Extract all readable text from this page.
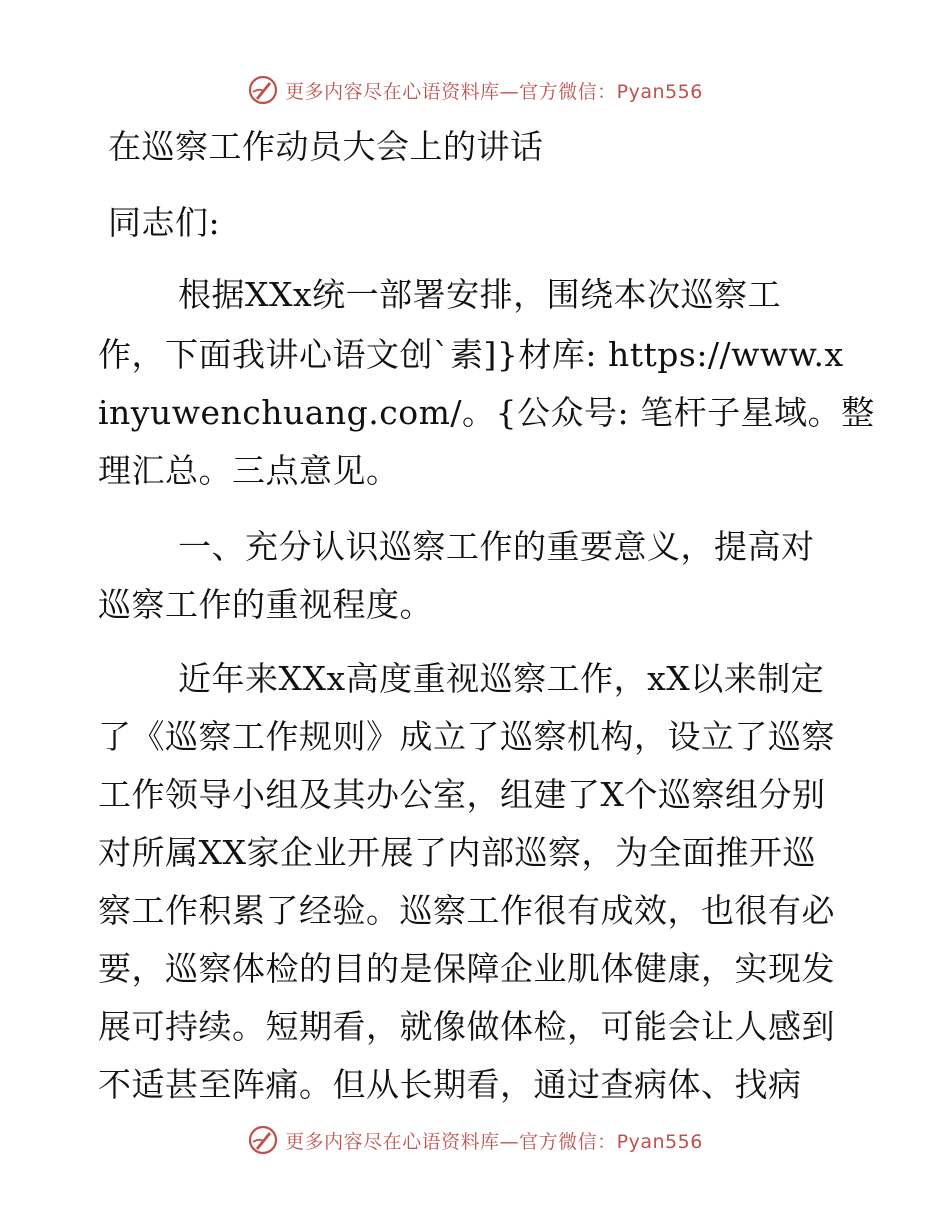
更多内容尽在心语资料库—官方微信：Pyan556

在巡察工作动员大会上的讲话

同志们:

根据XXx统一部署安排，围绕本次巡察工

作，下面我讲心语文创`素]}材库: https://www.x

inyuwenchuang.com/。{公众号: 笔杆子星域。整

理汇总。三点意见。

一、充分认识巡察工作的重要意义，提高对

巡察工作的重视程度。

近年来XXx高度重视巡察工作，xX以来制定

了《巡察工作规则》成立了巡察机构，设立了巡察

工作领导小组及其办公室，组建了X个巡察组分别

对所属XX家企业开展了内部巡察，为全面推开巡

察工作积累了经验。巡察工作很有成效，也很有必

要，巡察体检的目的是保障企业肌体健康，实现发

展可持续。短期看，就像做体检，可能会让人感到

不适甚至阵痛。但从长期看，通过查病体、找病

更多内容尽在心语资料库—官方微信：Pyan556
